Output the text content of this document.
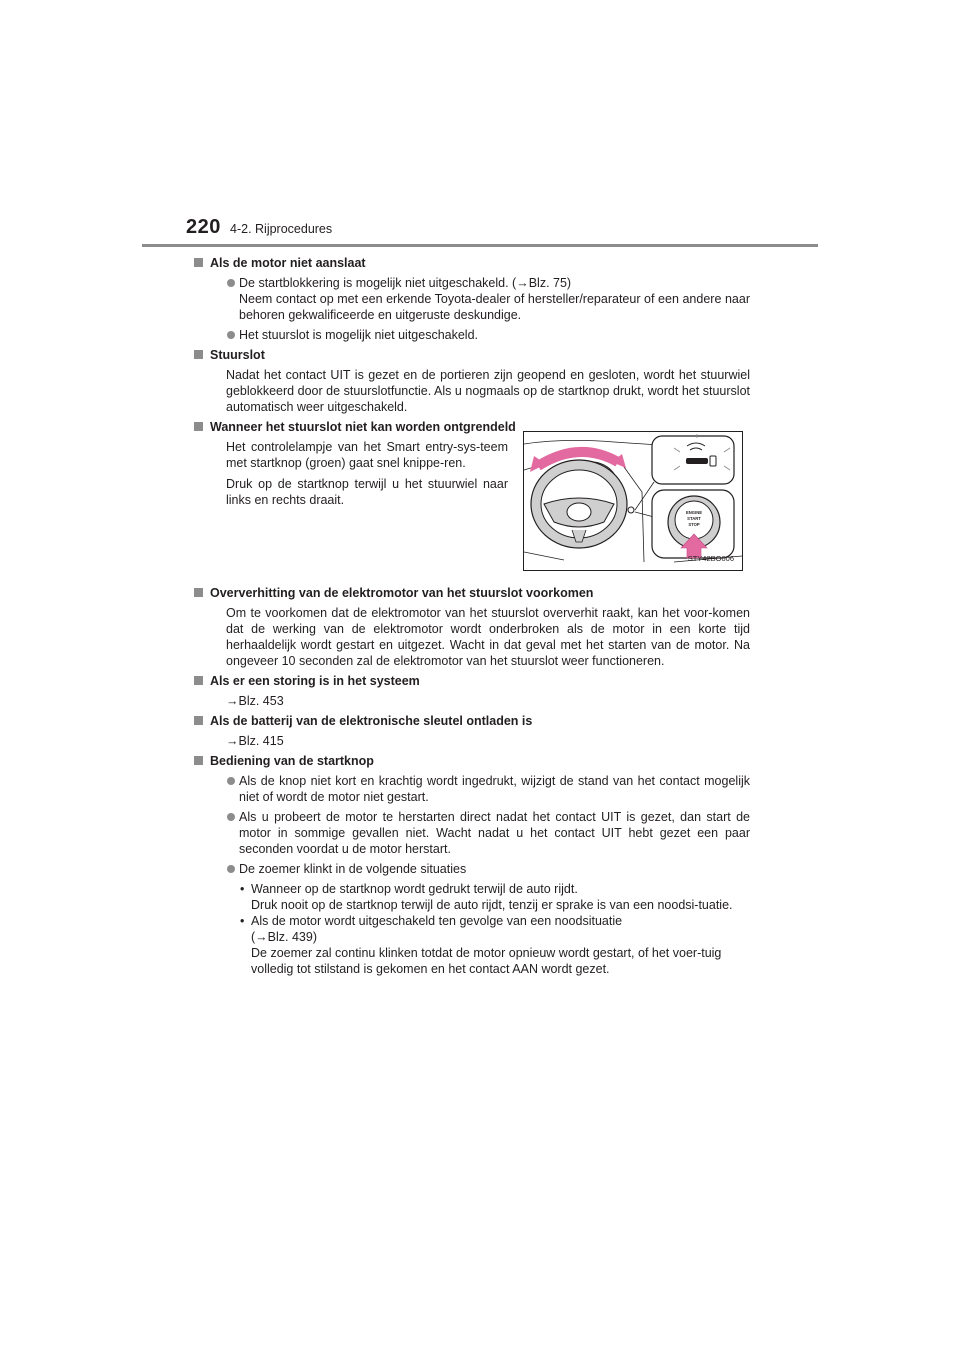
220 4-2. Rijprocedures
Als de motor niet aanslaat
De startblokkering is mogelijk niet uitgeschakeld. (→Blz. 75)
Neem contact op met een erkende Toyota-dealer of hersteller/reparateur of een andere naar behoren gekwalificeerde en uitgeruste deskundige.
Het stuurslot is mogelijk niet uitgeschakeld.
Stuurslot
Nadat het contact UIT is gezet en de portieren zijn geopend en gesloten, wordt het stuurwiel geblokkeerd door de stuurslotfunctie. Als u nogmaals op de startknop drukt, wordt het stuurslot automatisch weer uitgeschakeld.
Wanneer het stuurslot niet kan worden ontgrendeld
Het controlelampje van het Smart entry-sys-teem met startknop (groen) gaat snel knippe-ren.
Druk op de startknop terwijl u het stuurwiel naar links en rechts draait.
ENGINE
START
STOP
STY42BO006
Oververhitting van de elektromotor van het stuurslot voorkomen
Om te voorkomen dat de elektromotor van het stuurslot oververhit raakt, kan het voor-komen dat de werking van de elektromotor wordt onderbroken als de motor in een korte tijd herhaaldelijk wordt gestart en uitgezet. Wacht in dat geval met het starten van de motor. Na ongeveer 10 seconden zal de elektromotor van het stuurslot weer functioneren.
Als er een storing is in het systeem
→Blz. 453
Als de batterij van de elektronische sleutel ontladen is
→Blz. 415
Bediening van de startknop
Als de knop niet kort en krachtig wordt ingedrukt, wijzigt de stand van het contact mogelijk niet of wordt de motor niet gestart.
Als u probeert de motor te herstarten direct nadat het contact UIT is gezet, dan start de motor in sommige gevallen niet. Wacht nadat u het contact UIT hebt gezet een paar seconden voordat u de motor herstart.
De zoemer klinkt in de volgende situaties
• Wanneer op de startknop wordt gedrukt terwijl de auto rijdt.
Druk nooit op de startknop terwijl de auto rijdt, tenzij er sprake is van een noodsi-tuatie.
• Als de motor wordt uitgeschakeld ten gevolge van een noodsituatie
(→Blz. 439)
De zoemer zal continu klinken totdat de motor opnieuw wordt gestart, of het voer-tuig volledig tot stilstand is gekomen en het contact AAN wordt gezet.
